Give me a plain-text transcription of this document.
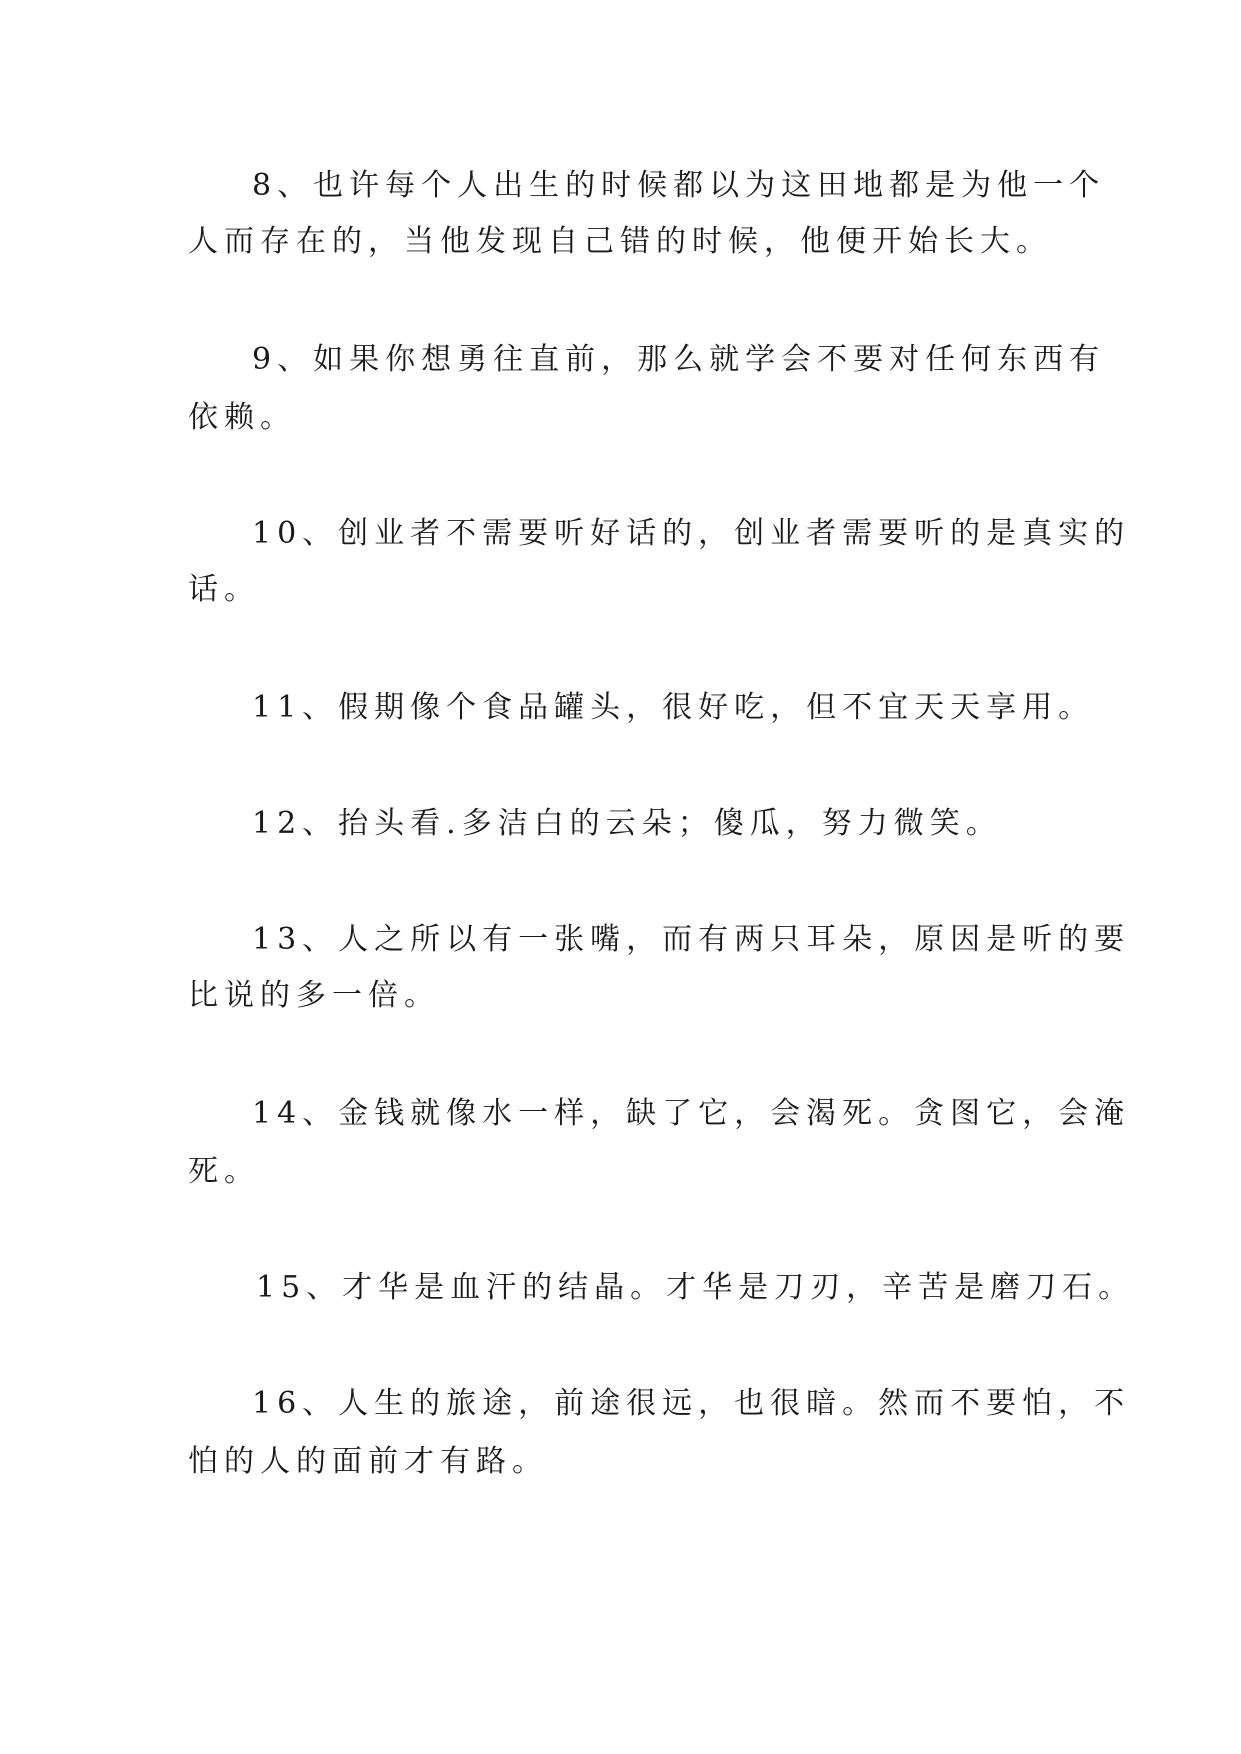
8、也许每个人出生的时候都以为这田地都是为他一个
人而存在的，当他发现自己错的时候，他便开始长大。
9、如果你想勇往直前，那么就学会不要对任何东西有
依赖。
10、创业者不需要听好话的，创业者需要听的是真实的
话。
11、假期像个食品罐头，很好吃，但不宜天天享用。
12、抬头看.多洁白的云朵；傻瓜，努力微笑。
13、人之所以有一张嘴，而有两只耳朵，原因是听的要
比说的多一倍。
14、金钱就像水一样，缺了它，会渴死。贪图它，会淹
死。
15、才华是血汗的结晶。才华是刀刃，辛苦是磨刀石。
16、人生的旅途，前途很远，也很暗。然而不要怕，不
怕的人的面前才有路。
